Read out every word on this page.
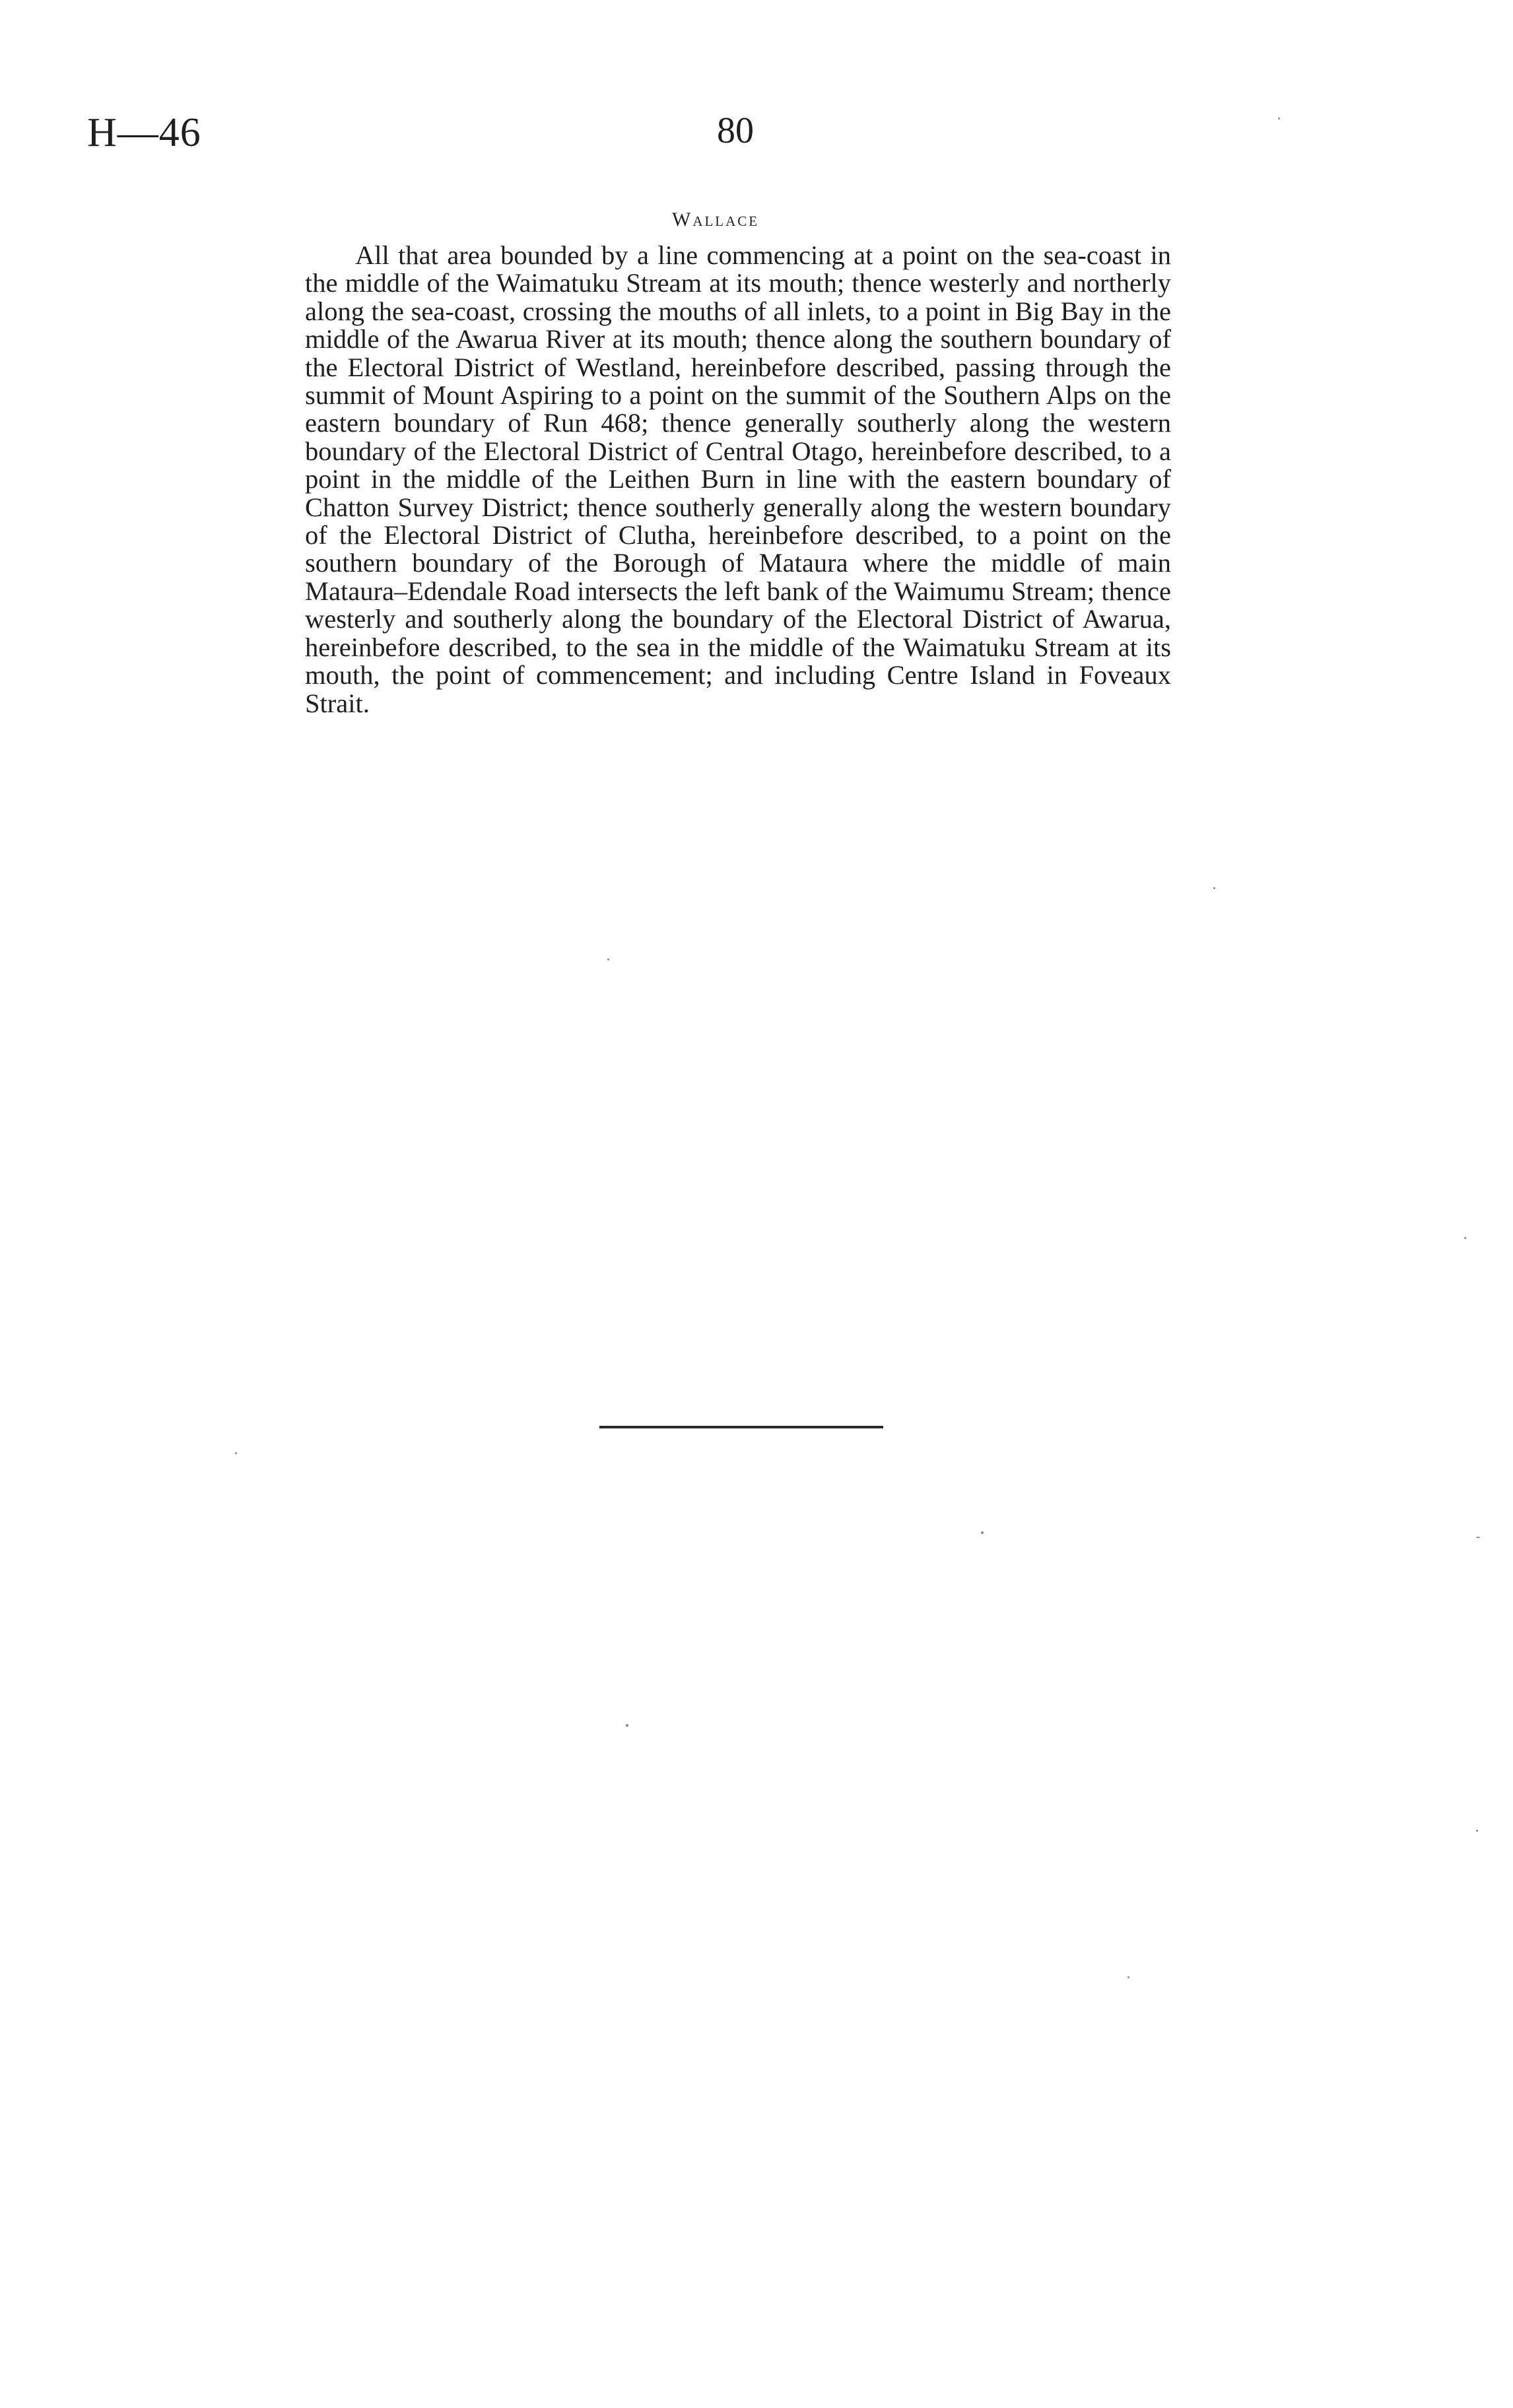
H—46	80
Wallace

All that area bounded by a line commencing at a point on the sea-coast in the middle of the Waimatuku Stream at its mouth; thence westerly and northerly along the sea-coast, crossing the mouths of all inlets, to a point in Big Bay in the middle of the Awarua River at its mouth; thence along the southern boundary of the Electoral District of Westland, hereinbefore described, passing through the summit of Mount Aspiring to a point on the summit of the Southern Alps on the eastern boundary of Run 468; thence generally southerly along the western boundary of the Electoral District of Central Otago, hereinbefore described, to a point in the middle of the Leithen Burn in line with the eastern boundary of Chatton Survey District; thence southerly generally along the western boundary of the Electoral District of Clutha, hereinbefore described, to a point on the southern boundary of the Borough of Mataura where the middle of main Mataura–Edendale Road intersects the left bank of the Waimumu Stream; thence westerly and southerly along the boundary of the Electoral District of Awarua, hereinbefore described, to the sea in the middle of the Waimatuku Stream at its mouth, the point of commencement; and including Centre Island in Foveaux Strait.
